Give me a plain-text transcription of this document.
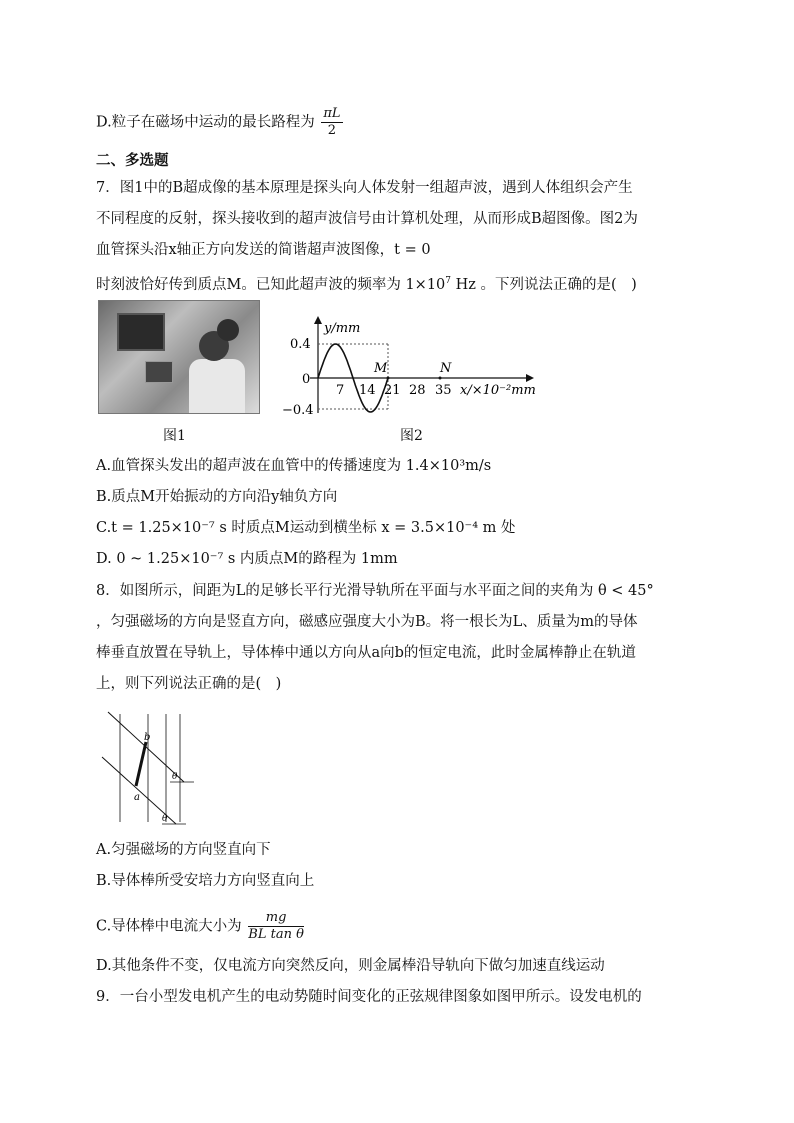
D.粒子在磁场中运动的最长路程为 $\frac{\pi L}{2}$
二、多选题
7．图1中的B超成像的基本原理是探头向人体发射一组超声波，遇到人体组织会产生
不同程度的反射，探头接收到的超声波信号由计算机处理，从而形成B超图像。图2为
血管探头沿x轴正方向发送的简谐超声波图像，t = 0
时刻波恰好传到质点M。已知此超声波的频率为 $1\times 10^7$ Hz 。下列说法正确的是(　)
图1
y/mm
0.4
0
−0.4
7 14 21 28 35 x/×10⁻²mm
M	N
图2
A.血管探头发出的超声波在血管中的传播速度为 1.4×10³m/s
B.质点M开始振动的方向沿y轴负方向
C.t = 1.25×10⁻⁷ s 时质点M运动到横坐标 x = 3.5×10⁻⁴ m 处
D. 0 ~ 1.25×10⁻⁷ s 内质点M的路程为 1mm
8．如图所示，间距为L的足够长平行光滑导轨所在平面与水平面之间的夹角为 θ < 45°
，匀强磁场的方向是竖直方向，磁感应强度大小为B。将一根长为L、质量为m的导体
棒垂直放置在导轨上，导体棒中通以方向从a向b的恒定电流，此时金属棒静止在轨道
上，则下列说法正确的是(　)
b
a
θ
θ
A.匀强磁场的方向竖直向下
B.导体棒所受安培力方向竖直向上
C.导体棒中电流大小为 $\frac{mg}{\text{BL tan θ}}$
D.其他条件不变，仅电流方向突然反向，则金属棒沿导轨向下做匀加速直线运动
9．一台小型发电机产生的电动势随时间变化的正弦规律图象如图甲所示。设发电机的
